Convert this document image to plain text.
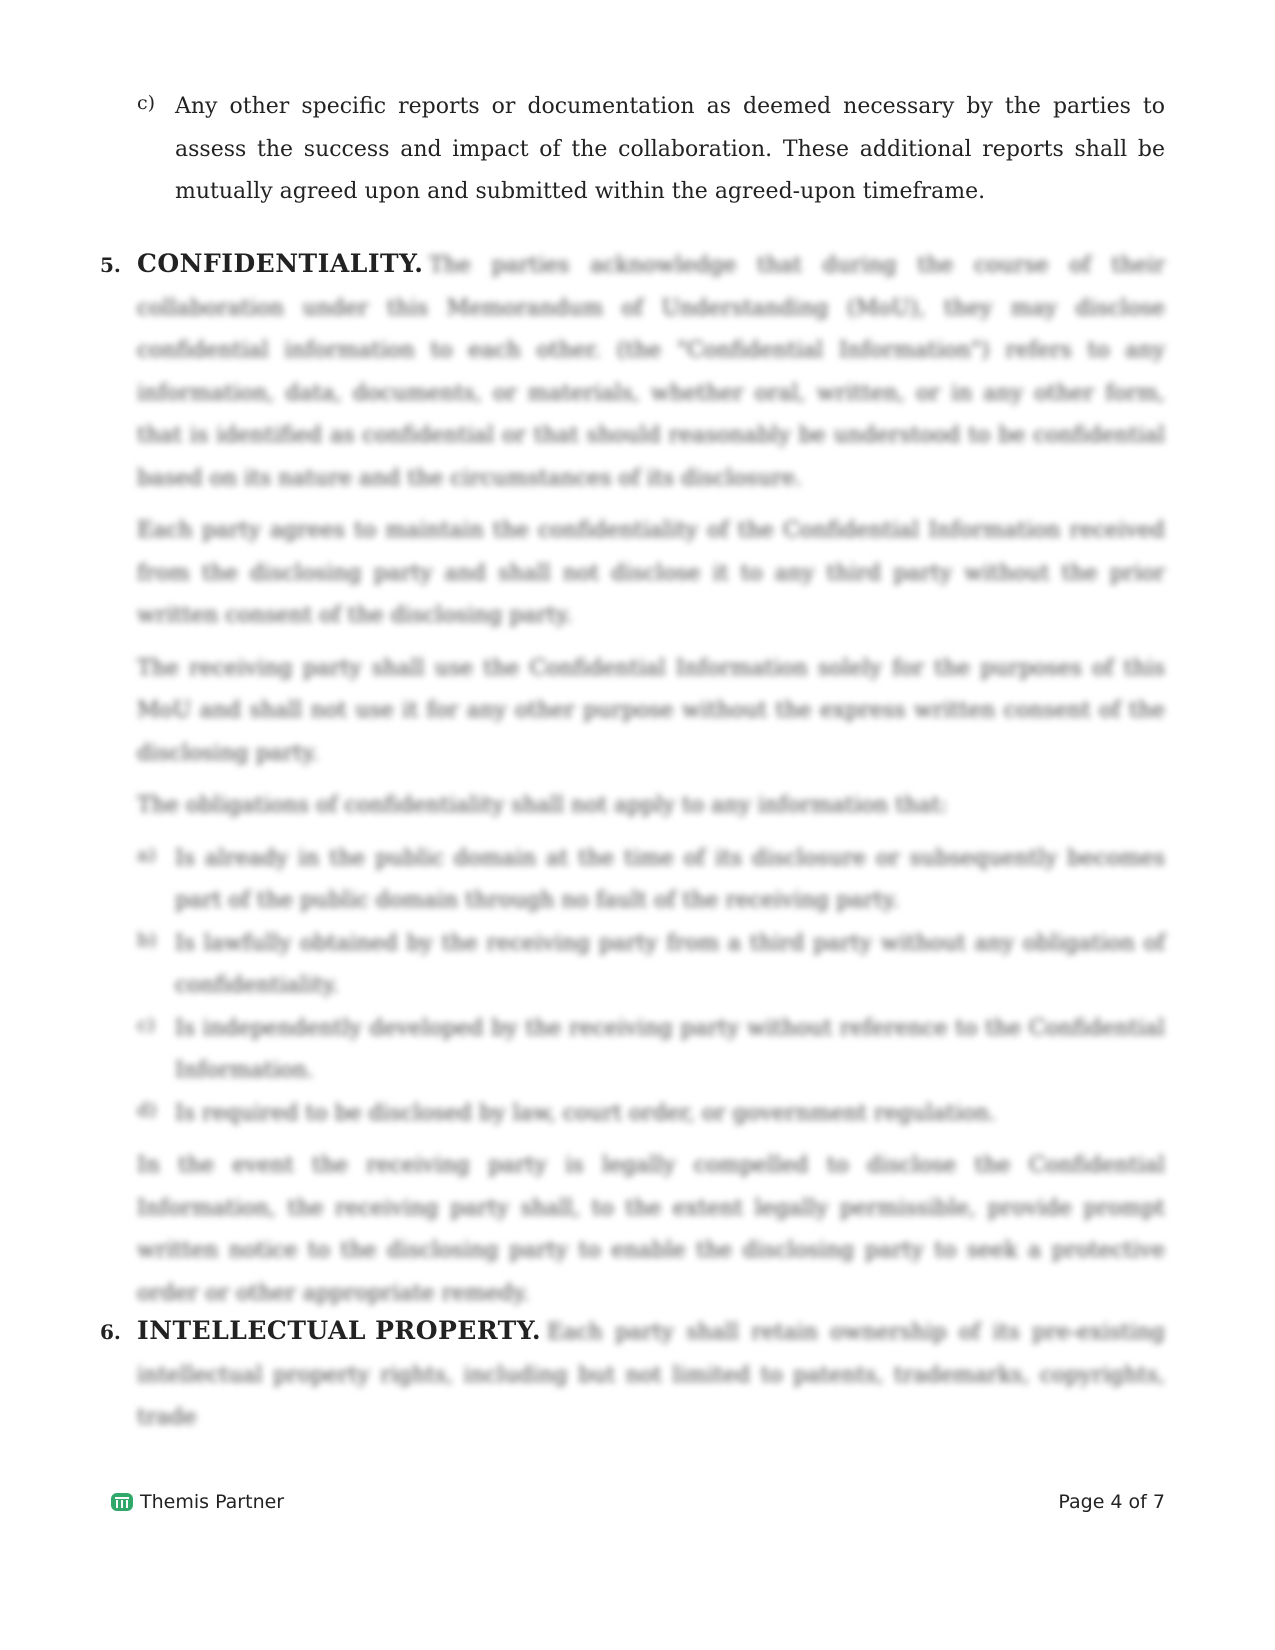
c) Any other specific reports or documentation as deemed necessary by the parties to assess the success and impact of the collaboration. These additional reports shall be mutually agreed upon and submitted within the agreed-upon timeframe.
5. CONFIDENTIALITY. The parties acknowledge that during the course of their collaboration under this Memorandum of Understanding (MoU), they may disclose confidential information to each other. (the "Confidential Information") refers to any information, data, documents, or materials, whether oral, written, or in any other form, that is identified as confidential or that should reasonably be understood to be confidential based on its nature and the circumstances of its disclosure.
Each party agrees to maintain the confidentiality of the Confidential Information received from the disclosing party and shall not disclose it to any third party without the prior written consent of the disclosing party.
The receiving party shall use the Confidential Information solely for the purposes of this MoU and shall not use it for any other purpose without the express written consent of the disclosing party.
The obligations of confidentiality shall not apply to any information that:
a) Is already in the public domain at the time of its disclosure or subsequently becomes part of the public domain through no fault of the receiving party.
b) Is lawfully obtained by the receiving party from a third party without any obligation of confidentiality.
c) Is independently developed by the receiving party without reference to the Confidential Information.
d) Is required to be disclosed by law, court order, or government regulation.
In the event the receiving party is legally compelled to disclose the Confidential Information, the receiving party shall, to the extent legally permissible, provide prompt written notice to the disclosing party to enable the disclosing party to seek a protective order or other appropriate remedy.
6. INTELLECTUAL PROPERTY. Each party shall retain ownership of its pre-existing intellectual property rights, including but not limited to patents, trademarks, copyrights, trade
Themis Partner	Page 4 of 7
